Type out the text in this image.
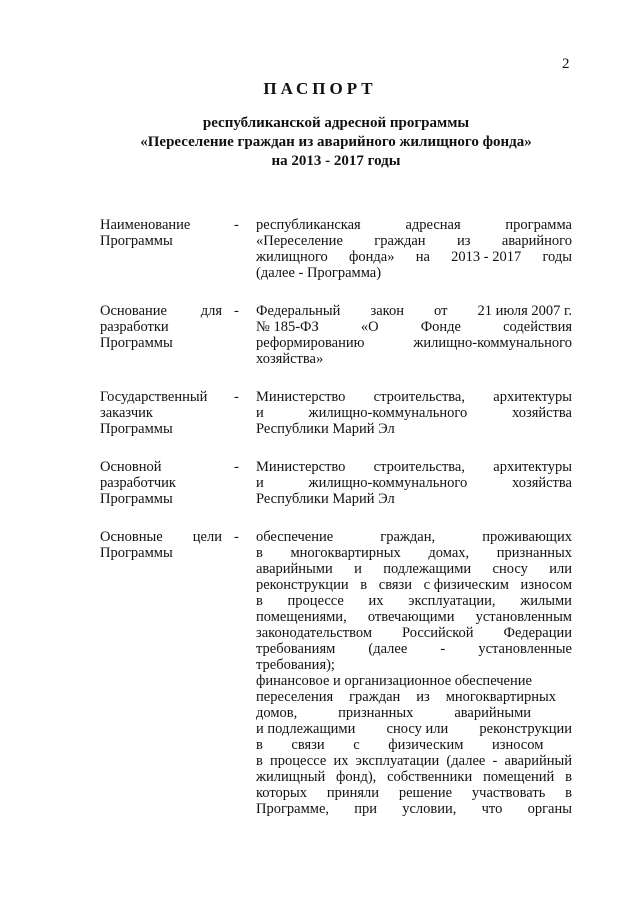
2
ПАСПОРТ
республиканской адресной программы
«Переселение граждан из аварийного жилищного фонда»
на 2013 - 2017 годы
Наименование
Программы
- республиканская	адресная	программа
«Переселение граждан из аварийного
жилищного фонда» на 2013 - 2017 годы
(далее - Программа)
Основание для
разработки
Программы
- Федеральный закон от 21 июля 2007 г.
№ 185-ФЗ	«О	Фонде	содействия
реформированию	жилищно-коммунального
хозяйства»
Государственный
заказчик
Программы
- Министерство строительства, архитектуры
и	жилищно-коммунального	хозяйства
Республики Марий Эл
Основной
разработчик
Программы
- Министерство строительства, архитектуры
и	жилищно-коммунального	хозяйства
Республики Марий Эл
Основные цели
Программы
- обеспечение	граждан,	проживающих
в многоквартирных домах, признанных
аварийными и подлежащими сносу или
реконструкции в связи с физическим износом
в процессе их эксплуатации, жилыми
помещениями, отвечающими установленным
законодательством Российской Федерации
требованиям (далее - установленные
требования);
финансовое и организационное обеспечение
переселения граждан из многоквартирных
домов,	признанных	аварийными
и подлежащими сносу или реконструкции
в связи с физическим износом
в процессе их эксплуатации (далее - аварийный
жилищный фонд), собственники помещений в
которых приняли решение участвовать в
Программе, при условии, что органы
